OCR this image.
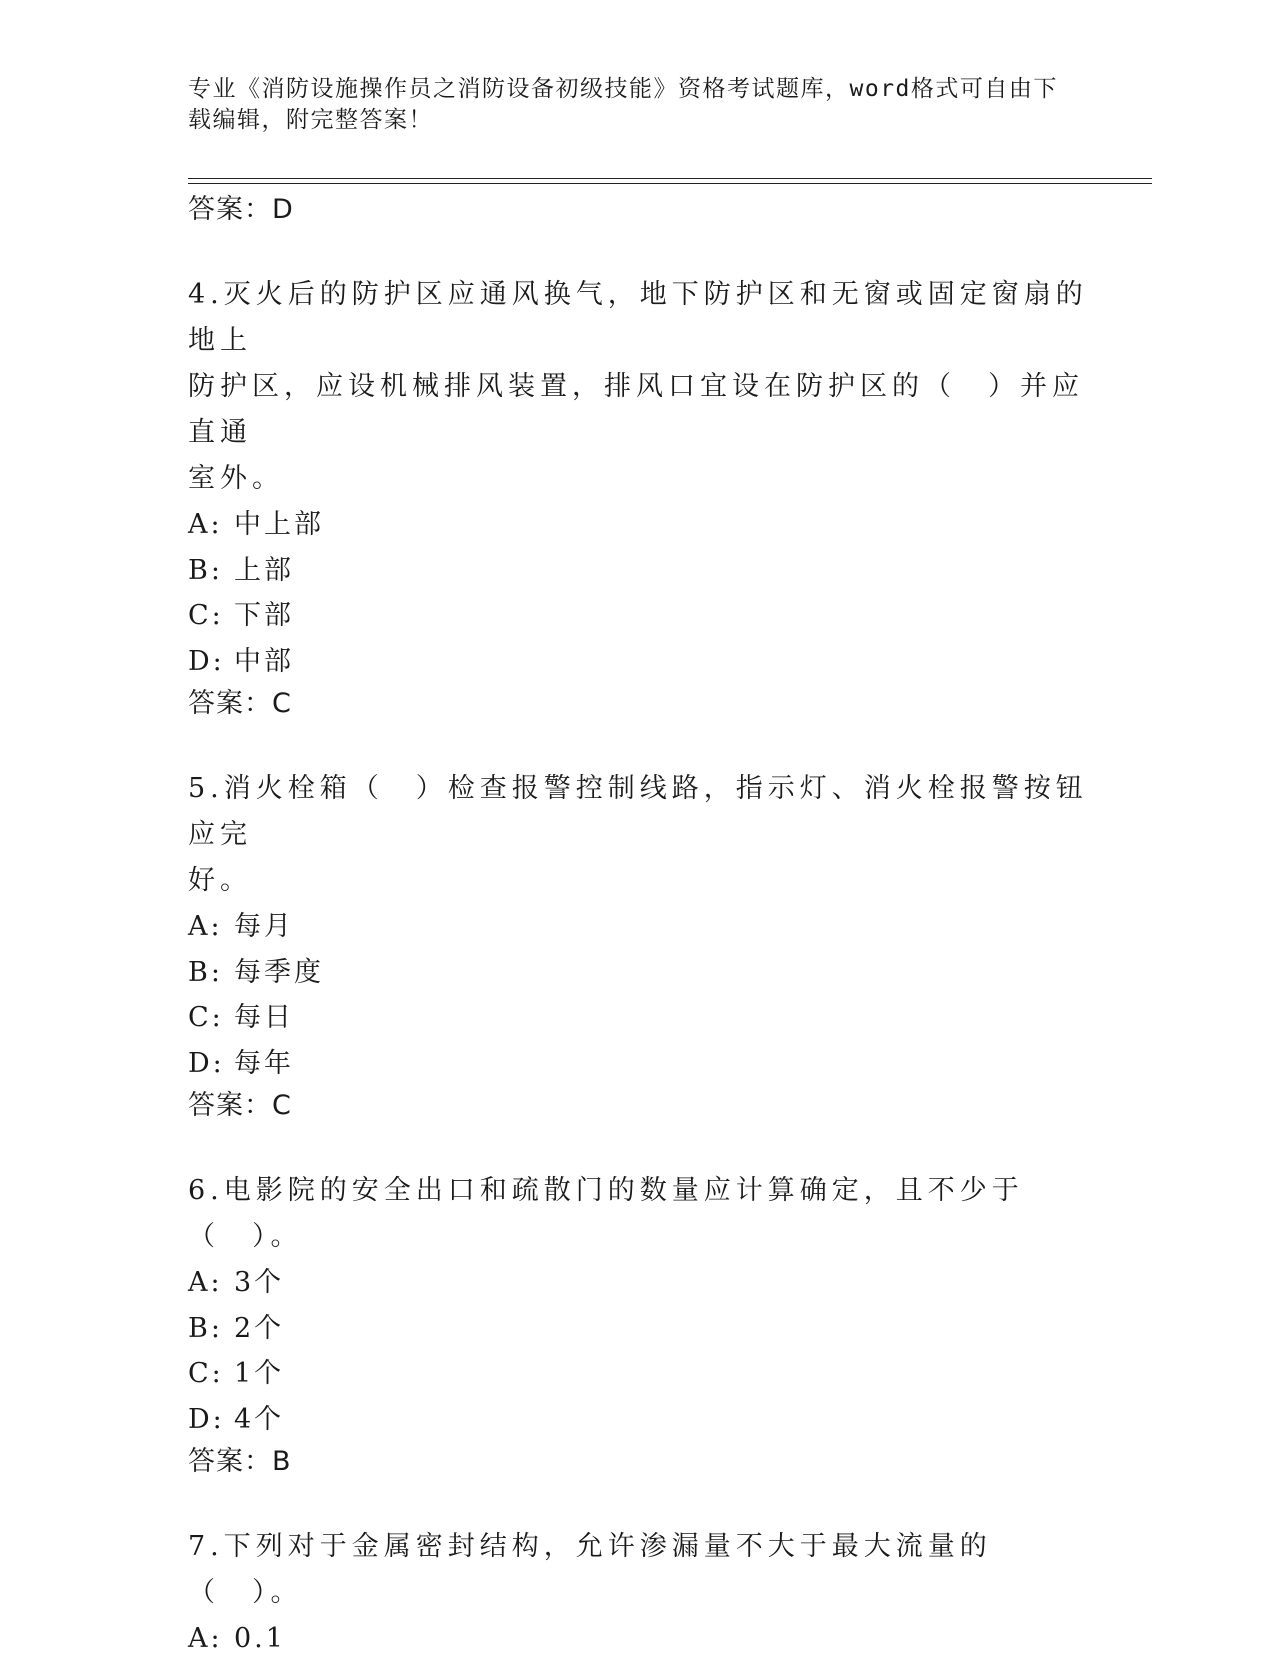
专业《消防设施操作员之消防设备初级技能》资格考试题库，word格式可自由下
载编辑，附完整答案！
答案：D
4.灭火后的防护区应通风换气，地下防护区和无窗或固定窗扇的地上
防护区，应设机械排风装置，排风口宜设在防护区的（　）并应直通
室外。
A: 中上部
B: 上部
C: 下部
D: 中部
答案：C
5.消火栓箱（　）检查报警控制线路，指示灯、消火栓报警按钮应完
好。
A: 每月
B: 每季度
C: 每日
D: 每年
答案：C
6.电影院的安全出口和疏散门的数量应计算确定，且不少于（　）。
A: 3个
B: 2个
C: 1个
D: 4个
答案：B
7.下列对于金属密封结构，允许渗漏量不大于最大流量的（　）。
A: 0.1
